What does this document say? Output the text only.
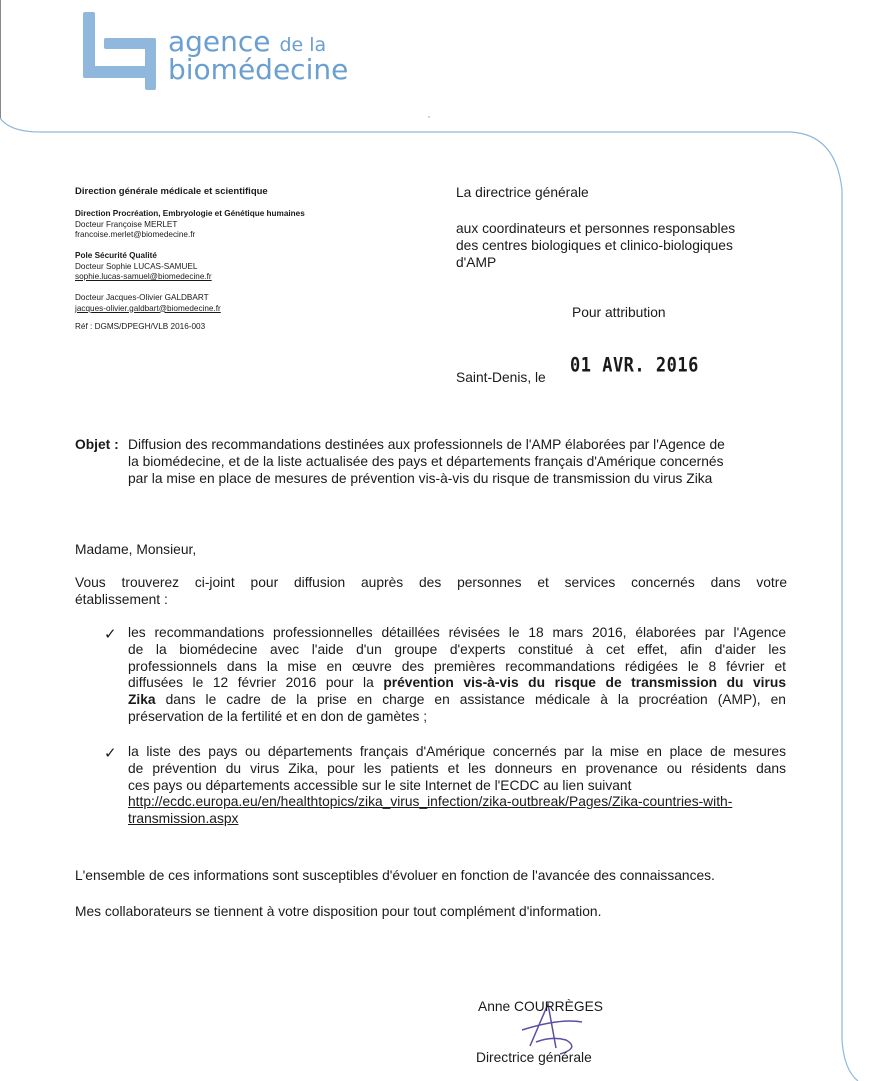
agence de la
biomédecine
Direction générale médicale et scientifique
Direction Procréation, Embryologie et Génétique humaines
Docteur Françoise MERLET
francoise.merlet@biomedecine.fr
Pole Sécurité Qualité
Docteur Sophie LUCAS-SAMUEL
sophie.lucas-samuel@biomedecine.fr
Docteur Jacques-Olivier GALDBART
jacques-olivier.galdbart@biomedecine.fr
Réf : DGMS/DPEGH/VLB 2016-003
La directrice générale
aux coordinateurs et personnes responsables
des centres biologiques et clinico-biologiques
d'AMP
Pour attribution
Saint-Denis, le
01 AVR. 2016
Objet : Diffusion des recommandations destinées aux professionnels de l'AMP élaborées par l'Agence de
la biomédecine, et de la liste actualisée des pays et départements français d'Amérique concernés
par la mise en place de mesures de prévention vis-à-vis du risque de transmission du virus Zika
Madame, Monsieur,
Vous trouverez ci-joint pour diffusion auprès des personnes et services concernés dans votre
établissement :
✓ les recommandations professionnelles détaillées révisées le 18 mars 2016, élaborées par l'Agence
de la biomédecine avec l'aide d'un groupe d'experts constitué à cet effet, afin d'aider les
professionnels dans la mise en œuvre des premières recommandations rédigées le 8 février et
diffusées le 12 février 2016 pour la prévention vis-à-vis du risque de transmission du virus
Zika dans le cadre de la prise en charge en assistance médicale à la procréation (AMP), en
préservation de la fertilité et en don de gamètes ;
✓ la liste des pays ou départements français d'Amérique concernés par la mise en place de mesures
de prévention du virus Zika, pour les patients et les donneurs en provenance ou résidents dans
ces pays ou départements accessible sur le site Internet de l'ECDC au lien suivant
http://ecdc.europa.eu/en/healthtopics/zika_virus_infection/zika-outbreak/Pages/Zika-countries-with-
transmission.aspx
L'ensemble de ces informations sont susceptibles d'évoluer en fonction de l'avancée des connaissances.
Mes collaborateurs se tiennent à votre disposition pour tout complément d'information.
Anne COURRÈGES
Directrice générale
